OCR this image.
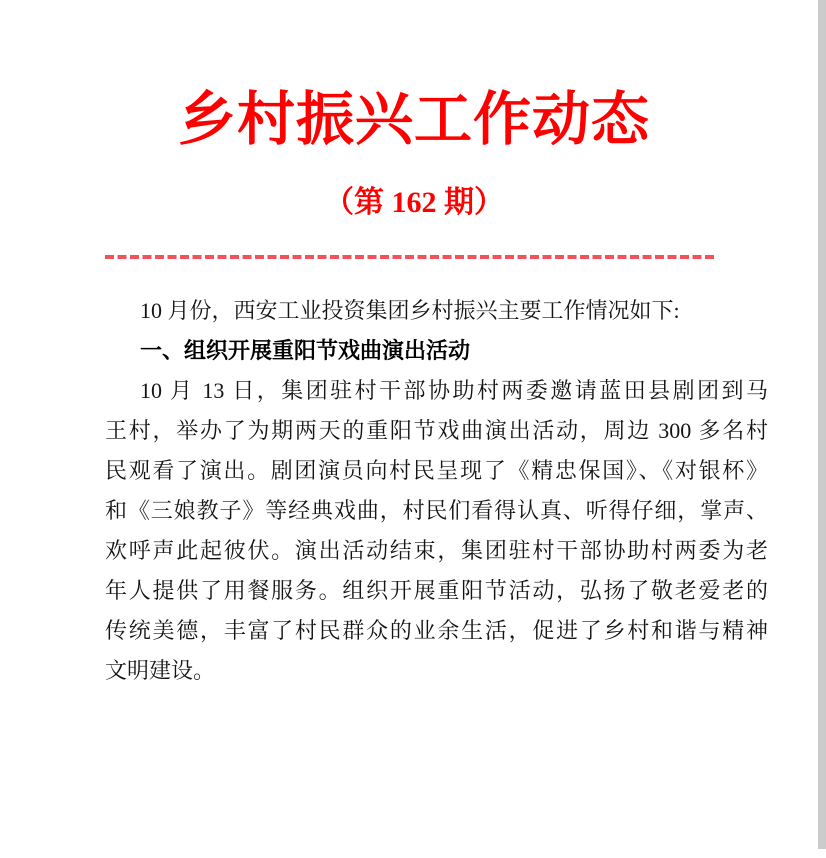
乡村振兴工作动态
（第 162 期）
10 月份，西安工业投资集团乡村振兴主要工作情况如下:
一、组织开展重阳节戏曲演出活动
10 月 13 日，集团驻村干部协助村两委邀请蓝田县剧团到马
王村，举办了为期两天的重阳节戏曲演出活动，周边 300 多名村
民观看了演出。剧团演员向村民呈现了《精忠保国》、《对银杯》
和《三娘教子》等经典戏曲，村民们看得认真、听得仔细，掌声、
欢呼声此起彼伏。演出活动结束，集团驻村干部协助村两委为老
年人提供了用餐服务。组织开展重阳节活动，弘扬了敬老爱老的
传统美德，丰富了村民群众的业余生活，促进了乡村和谐与精神
文明建设。
